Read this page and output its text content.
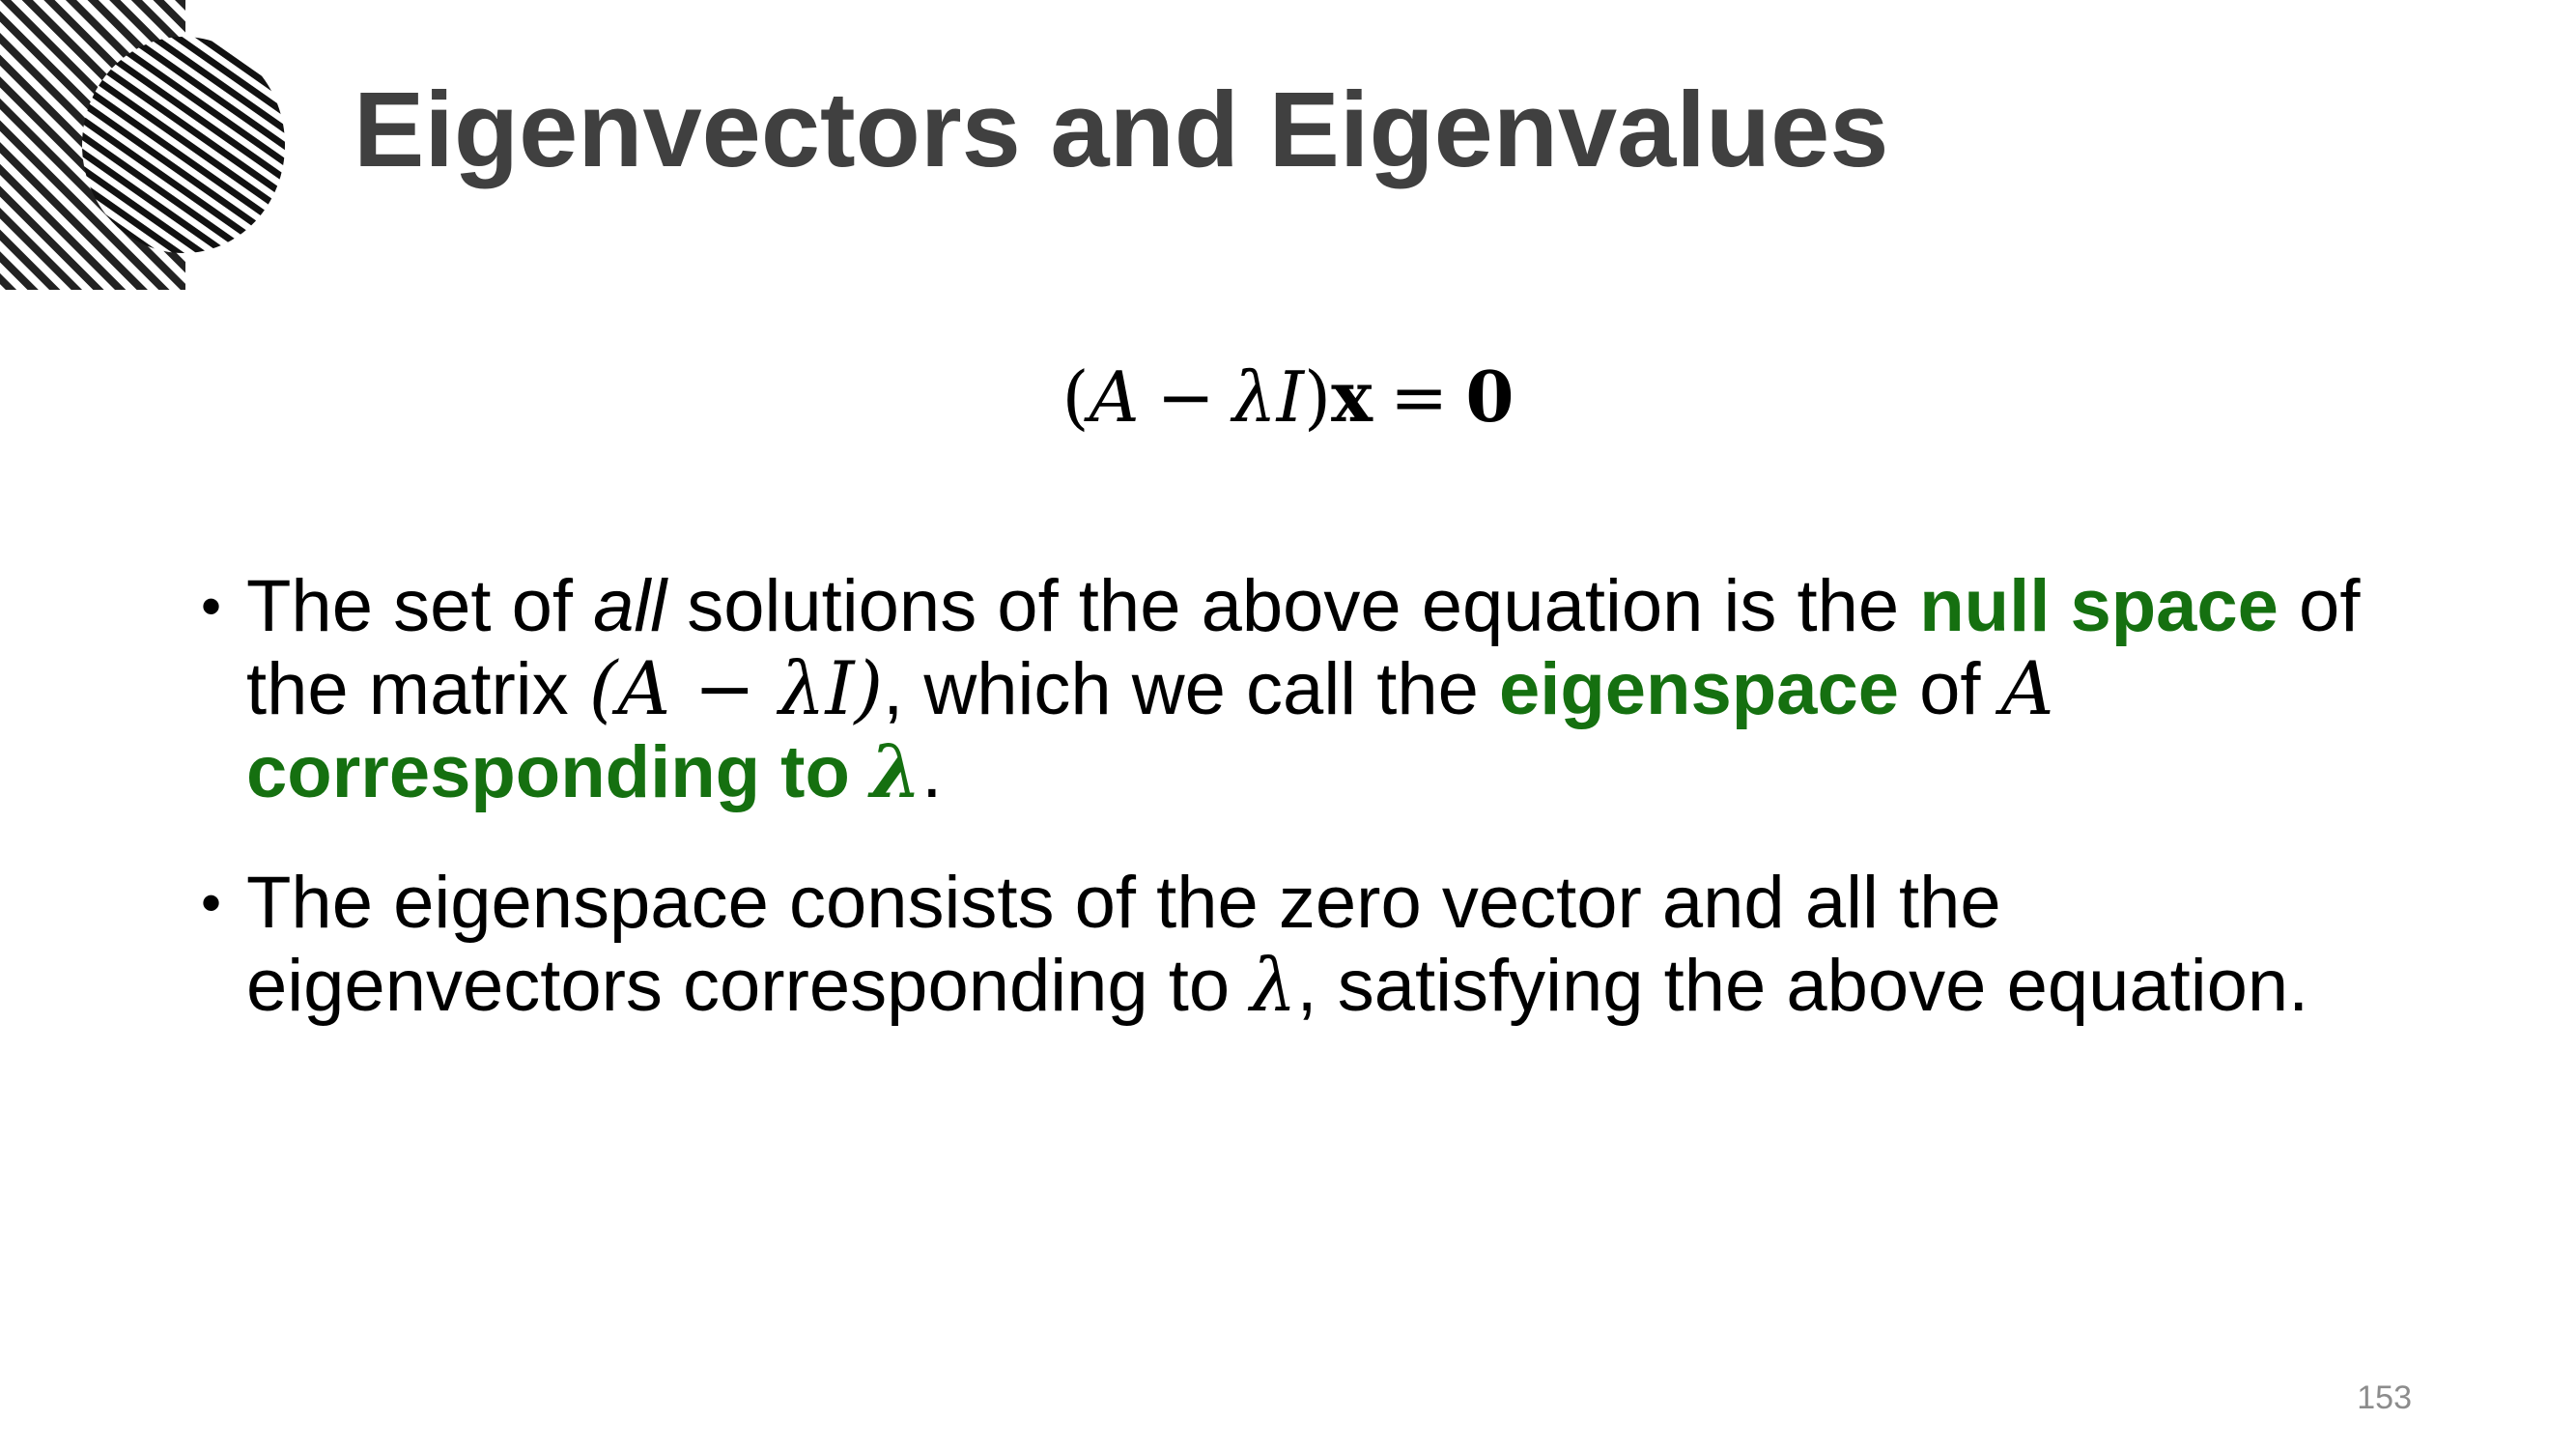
Eigenvectors and Eigenvalues
(A − λI)x = 0
• The set of all solutions of the above equation is the null space of the matrix (A − λI), which we call the eigenspace of A
corresponding to λ.
• The eigenspace consists of the zero vector and all the eigenvectors corresponding to λ, satisfying the above equation.
153
